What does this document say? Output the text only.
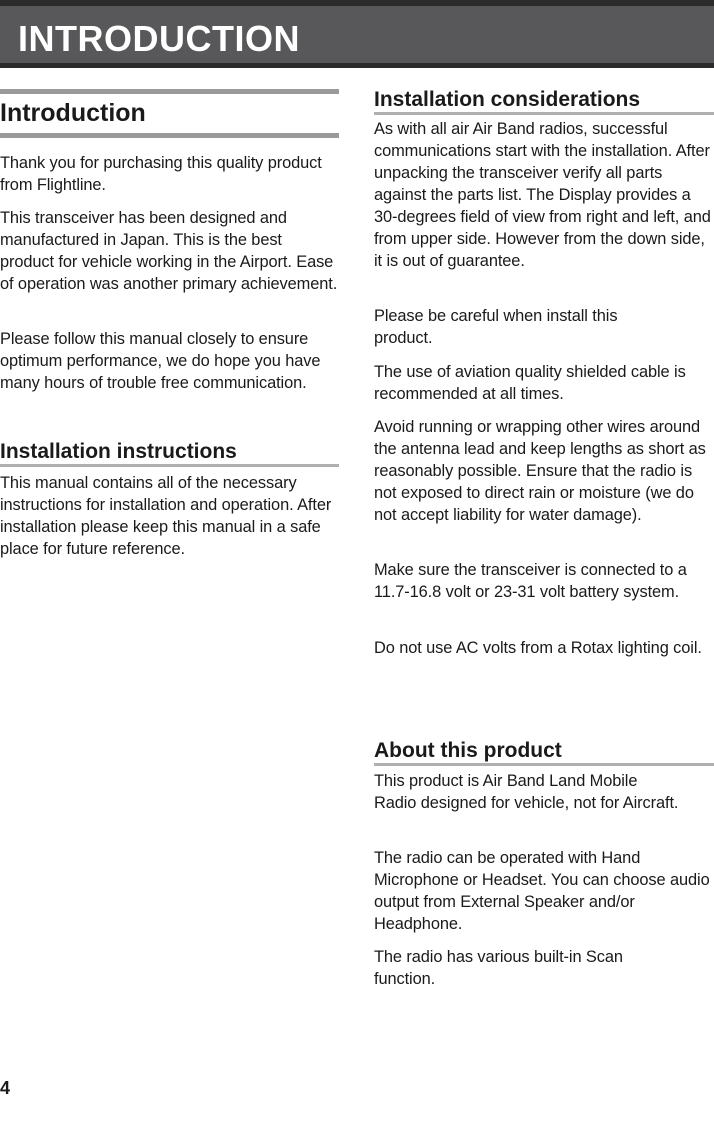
INTRODUCTION
Introduction

Thank you for purchasing this quality product from Flightline.

This transceiver has been designed and manufactured in Japan. This is the best product for vehicle working in the Airport. Ease of operation was another primary achievement.

Please follow this manual closely to ensure optimum performance, we do hope you have many hours of trouble free communication.

Installation instructions

This manual contains all of the necessary instructions for installation and operation. After installation please keep this manual in a safe place for future reference.

Installation considerations

As with all air Air Band radios, successful communications start with the installation. After unpacking the transceiver verify all parts against the parts list. The Display provides a 30-degrees field of view from right and left, and from upper side. However from the down side, it is out of guarantee.

Please be careful when install this product.

The use of aviation quality shielded cable is recommended at all times.

Avoid running or wrapping other wires around the antenna lead and keep lengths as short as reasonably possible. Ensure that the radio is not exposed to direct rain or moisture (we do not accept liability for water damage).

Make sure the transceiver is connected to a 11.7-16.8 volt or 23-31 volt battery system.

Do not use AC volts from a Rotax lighting coil.

About this product

This product is Air Band Land Mobile Radio designed for vehicle, not for Aircraft.

The radio can be operated with Hand Microphone or Headset. You can choose audio output from External Speaker and/or Headphone.

The radio has various built-in Scan function.

4
